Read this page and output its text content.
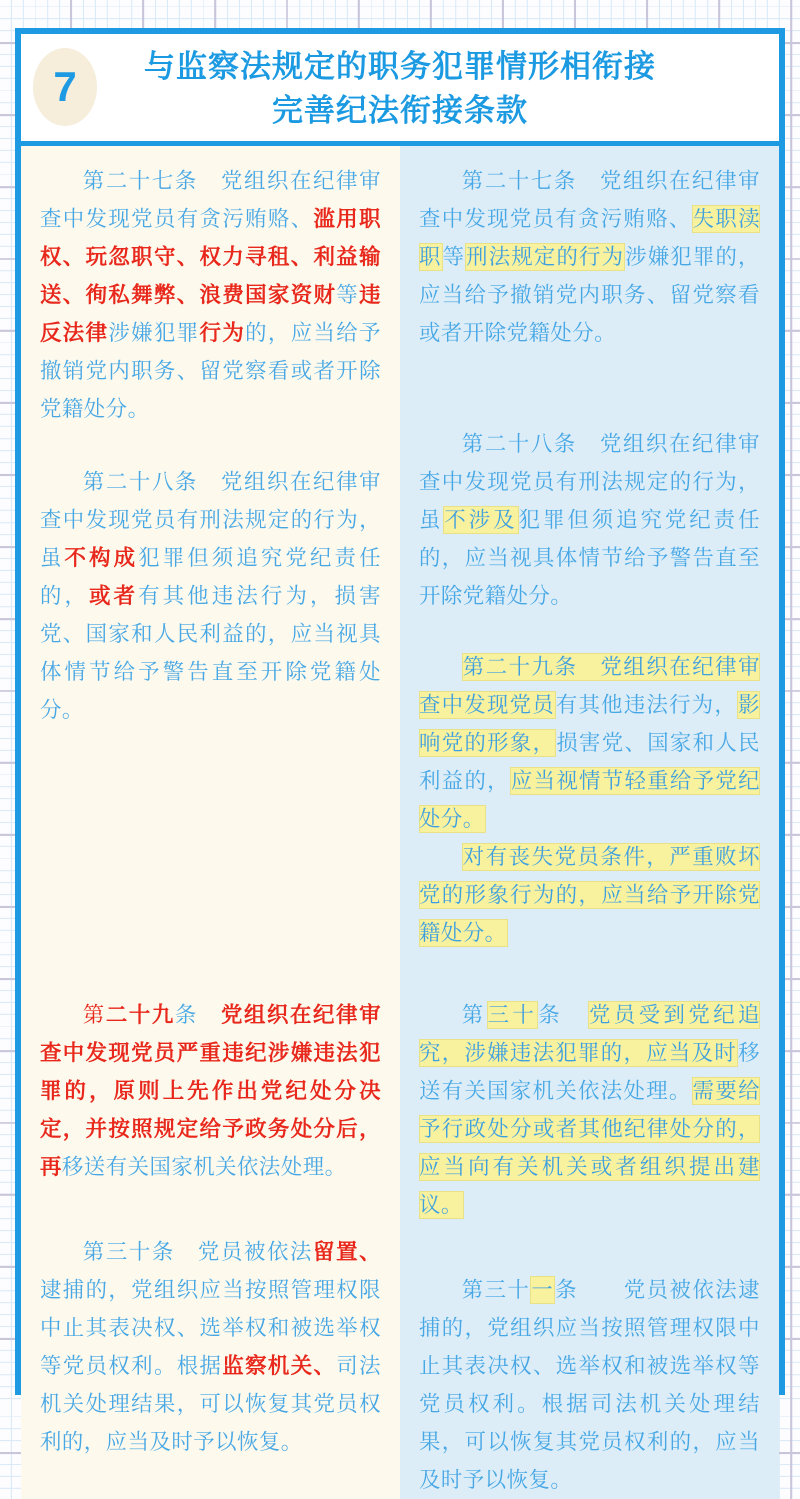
7 与监察法规定的职务犯罪情形相衔接
完善纪法衔接条款

第二十七条　党组织在纪律审查中发现党员有贪污贿赂、滥用职权、玩忽职守、权力寻租、利益输送、徇私舞弊、浪费国家资财等违反法律涉嫌犯罪行为的，应当给予撤销党内职务、留党察看或者开除党籍处分。

第二十八条　党组织在纪律审查中发现党员有刑法规定的行为，虽不构成犯罪但须追究党纪责任的，或者有其他违法行为，损害党、国家和人民利益的，应当视具体情节给予警告直至开除党籍处分。

第二十九条　党组织在纪律审查中发现党员严重违纪涉嫌违法犯罪的，原则上先作出党纪处分决定，并按照规定给予政务处分后，再移送有关国家机关依法处理。

第三十条　党员被依法留置、逮捕的，党组织应当按照管理权限中止其表决权、选举权和被选举权等党员权利。根据监察机关、司法机关处理结果，可以恢复其党员权利的，应当及时予以恢复。

第二十七条　党组织在纪律审查中发现党员有贪污贿赂、失职渎职等刑法规定的行为涉嫌犯罪的，应当给予撤销党内职务、留党察看或者开除党籍处分。

第二十八条　党组织在纪律审查中发现党员有刑法规定的行为，虽不涉及犯罪但须追究党纪责任的，应当视具体情节给予警告直至开除党籍处分。

第二十九条　党组织在纪律审查中发现党员有其他违法行为，影响党的形象，损害党、国家和人民利益的，应当视情节轻重给予党纪处分。

对有丧失党员条件，严重败坏党的形象行为的，应当给予开除党籍处分。

第三十条　党员受到党纪追究，涉嫌违法犯罪的，应当及时移送有关国家机关依法处理。需要给予行政处分或者其他纪律处分的，应当向有关机关或者组织提出建议。

第三十一条　　党员被依法逮捕的，党组织应当按照管理权限中止其表决权、选举权和被选举权等党员权利。根据司法机关处理结果，可以恢复其党员权利的，应当及时予以恢复。
